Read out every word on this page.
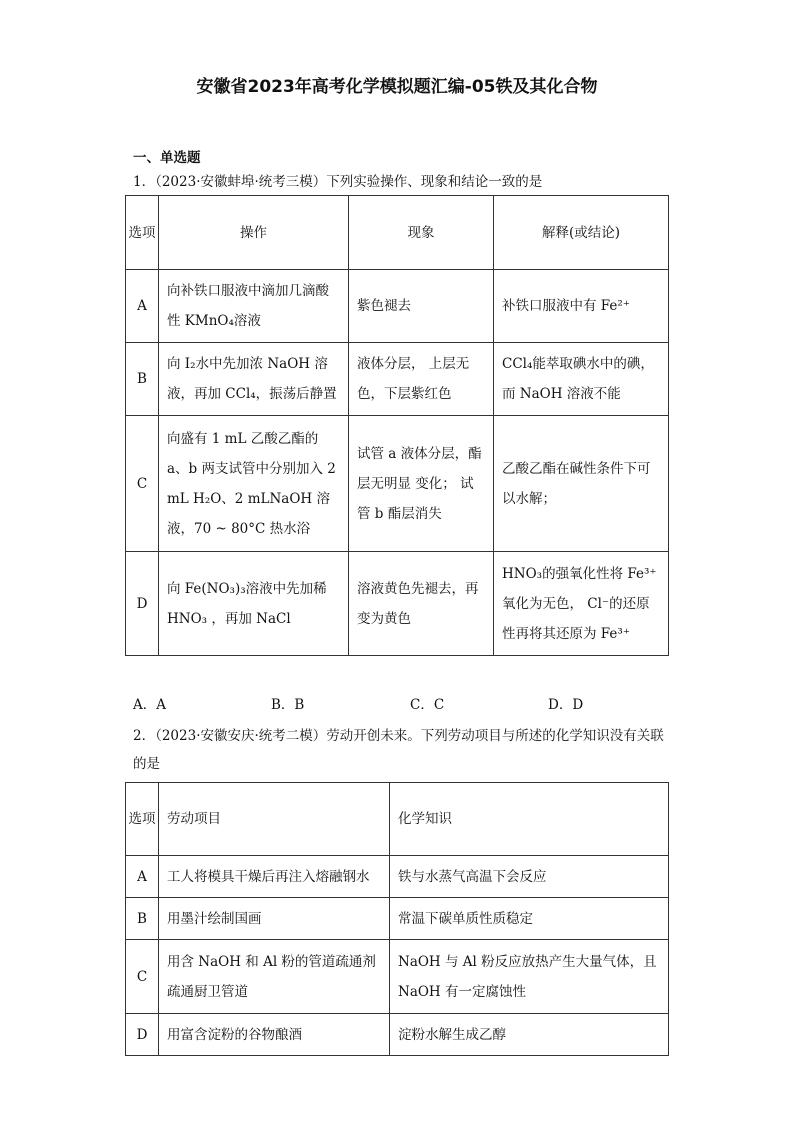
安徽省2023年高考化学模拟题汇编-05铁及其化合物
一、单选题
1．（2023·安徽蚌埠·统考三模）下列实验操作、现象和结论一致的是
选项	操作	现象	解释(或结论)
A	向补铁口服液中滴加几滴酸性 KMnO₄溶液	紫色褪去	补铁口服液中有 Fe²⁺
B	向 I₂水中先加浓 NaOH 溶液，再加 CCl₄，振荡后静置	液体分层， 上层无色，下层紫红色	CCl₄能萃取碘水中的碘，而 NaOH 溶液不能
C	向盛有 1 mL 乙酸乙酯的 a、b 两支试管中分别加入 2 mL H₂O、2 mLNaOH 溶液，70 ~ 80°C 热水浴	试管 a 液体分层，酯层无明显 变化； 试管 b 酯层消失	乙酸乙酯在碱性条件下可以水解；
D	向 Fe(NO₃)₃溶液中先加稀 HNO₃ ，再加 NaCl	溶液黄色先褪去，再变为黄色	HNO₃的强氧化性将 Fe³⁺氧化为无色， Cl⁻的还原性再将其还原为 Fe³⁺
A．A	B．B	C．C	D．D
2．（2023·安徽安庆·统考二模）劳动开创未来。下列劳动项目与所述的化学知识没有关联的是
选项	劳动项目	化学知识
A	工人将模具干燥后再注入熔融钢水	铁与水蒸气高温下会反应
B	用墨汁绘制国画	常温下碳单质性质稳定
C	用含 NaOH 和 Al 粉的管道疏通剂疏通厨卫管道	NaOH 与 Al 粉反应放热产生大量气体，且 NaOH 有一定腐蚀性
D	用富含淀粉的谷物酿酒	淀粉水解生成乙醇
